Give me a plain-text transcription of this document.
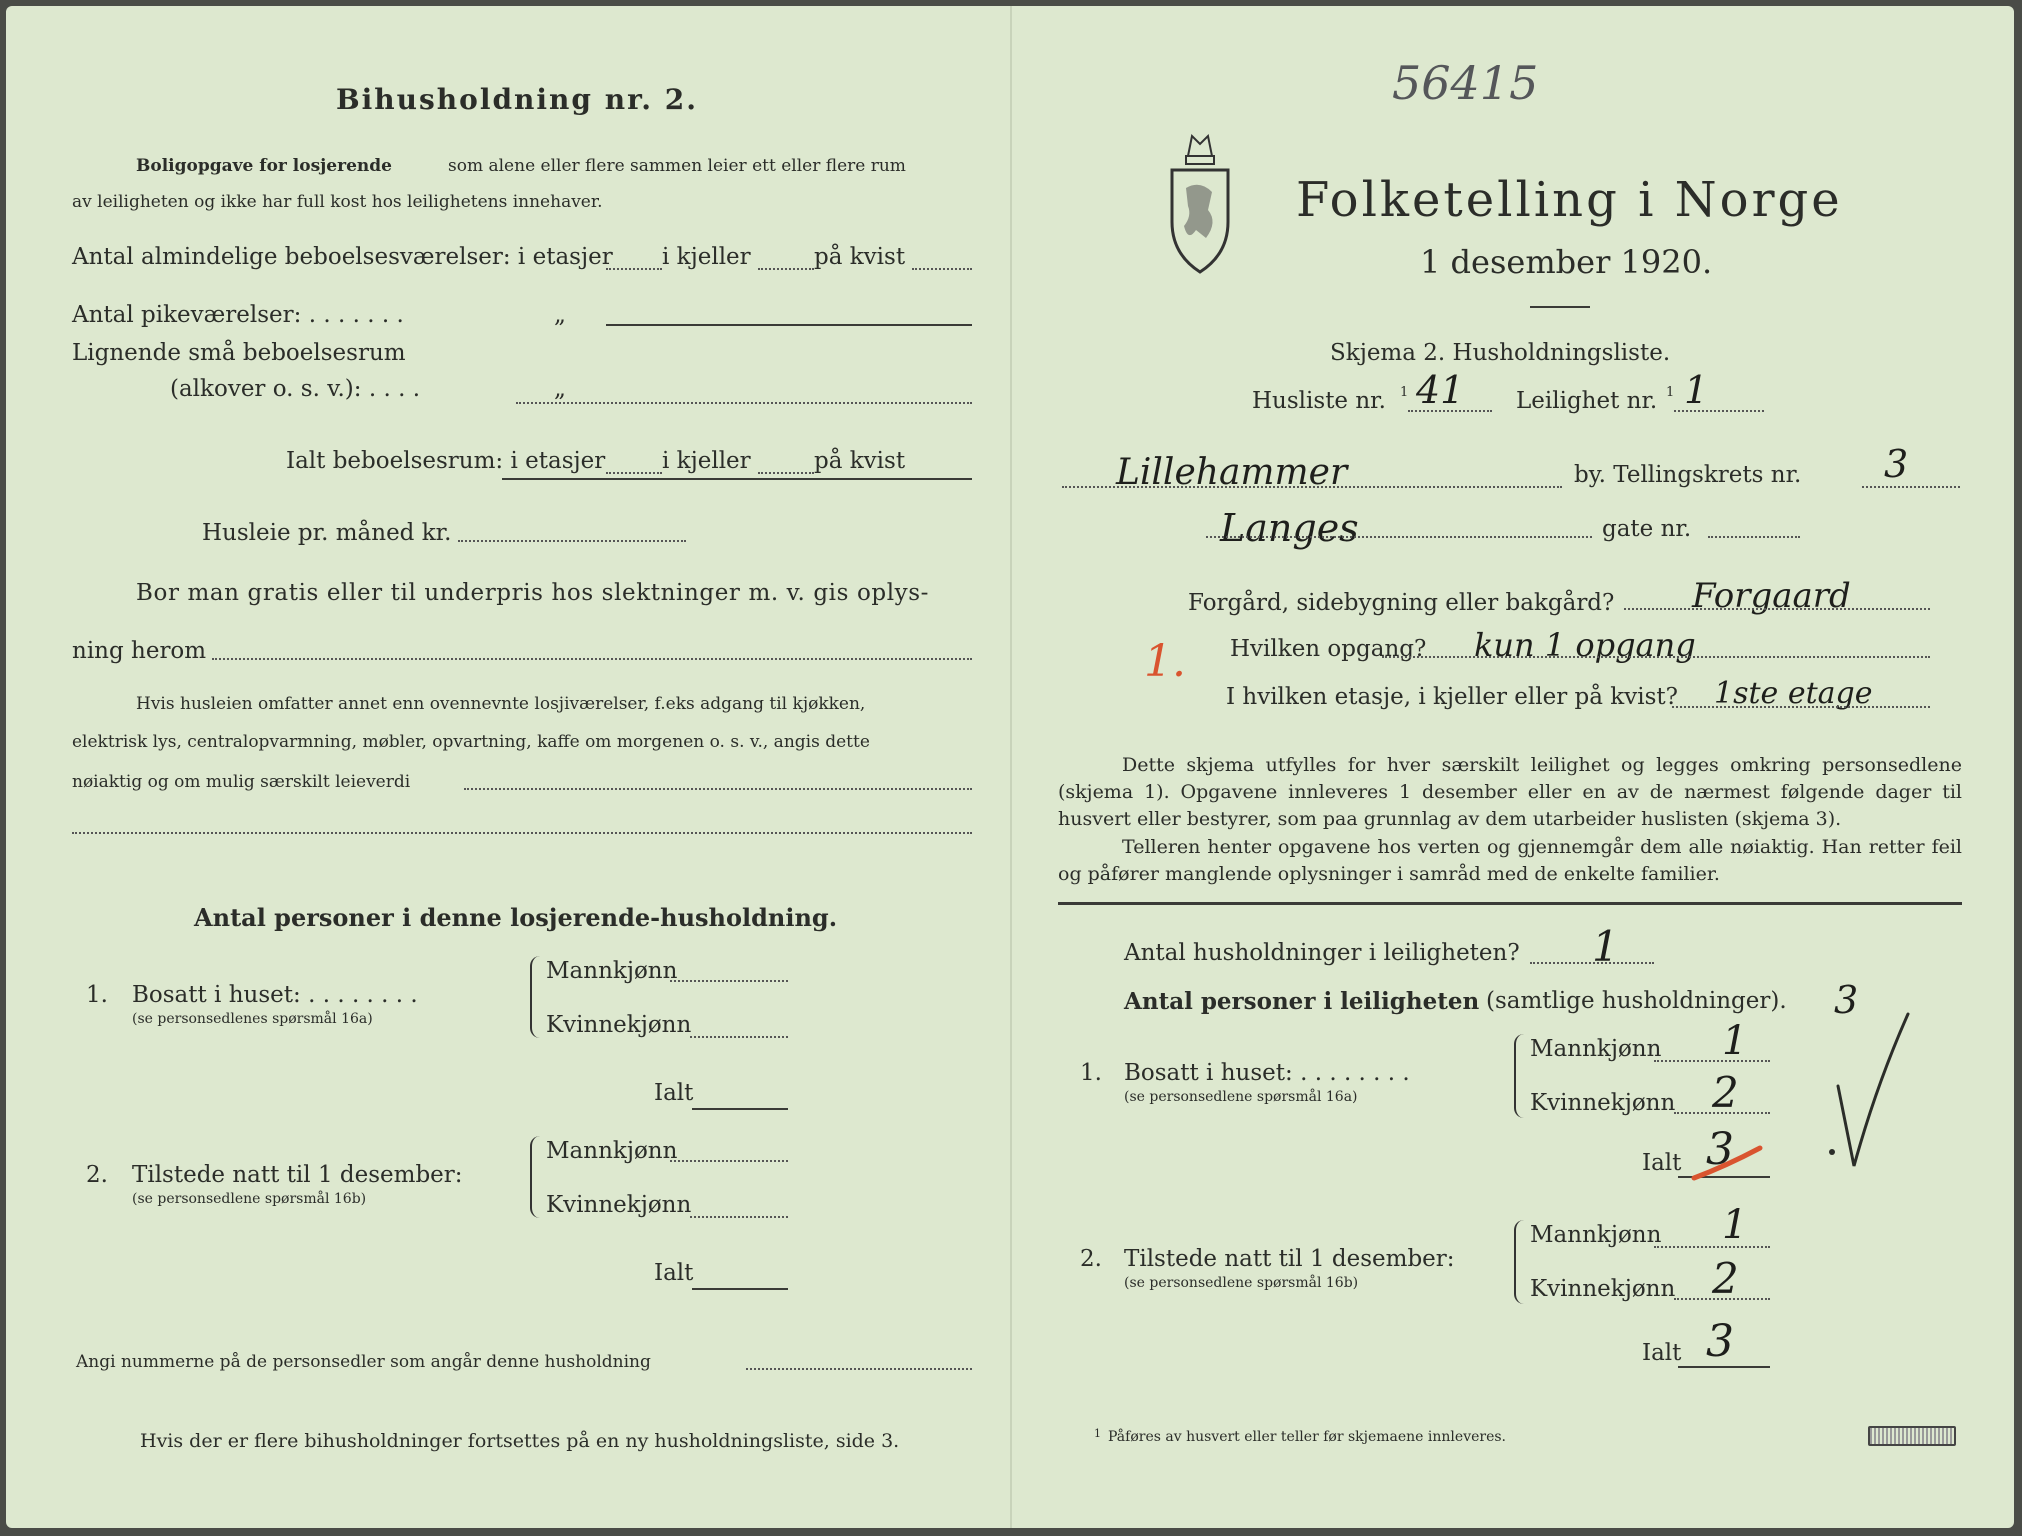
Bihusholdning nr. 2.
Boligopgave for losjerende	som alene eller flere sammen leier ett eller flere rum
av leiligheten og ikke har full kost hos leilighetens innehaver.
Antal almindelige beboelsesværelser: i etasjer i kjeller	på kvist
Antal pikeværelser: . . . . . . .	„
Lignende små beboelsesrum
(alkover o. s. v.): . . . .	„
Ialt beboelsesrum: i etasjer i kjeller	på kvist
Husleie pr. måned kr.
Bor man gratis eller til underpris hos slektninger m. v. gis oplys-
ning herom
Hvis husleien omfatter annet enn ovennevnte losjiværelser, f.eks adgang til kjøkken,
elektrisk lys, centralopvarmning, møbler, opvartning, kaffe om morgenen o. s. v., angis dette
nøiaktig og om mulig særskilt leieverdi
Antal personer i denne losjerende-husholdning.
1. Bosatt i huset: . . . . . . . .
(se personsedlenes spørsmål 16a)
Mannkjønn
Kvinnekjønn
Ialt
2. Tilstede natt til 1 desember:
(se personsedlene spørsmål 16b)
Mannkjønn
Kvinnekjønn
Ialt
Angi nummerne på de personsedler som angår denne husholdning
Hvis der er flere bihusholdninger fortsettes på en ny husholdningsliste, side 3.
56415
Folketelling i Norge
1 desember 1920.
Skjema 2. Husholdningsliste.
Husliste nr. 1 41 Leilighet nr. 1 1
Lillehammer	by. Tellingskrets nr. 3
Langes	gate nr.
Forgård, sidebygning eller bakgård? Forgaard
1. Hvilken opgang? kun 1 opgang
I hvilken etasje, i kjeller eller på kvist? 1ste etage
Dette skjema utfylles for hver særskilt leilighet og legges omkring personsedlene (skjema 1). Opgavene innleveres 1 desember eller en av de nærmest følgende dager til husvert eller bestyrer, som paa grunnlag av dem utarbeider huslisten (skjema 3).
Telleren henter opgavene hos verten og gjennemgår dem alle nøiaktig. Han retter feil og påfører manglende oplysninger i samråd med de enkelte familier.
Antal husholdninger i leiligheten? 1
Antal personer i leiligheten (samtlige husholdninger). 3
1. Bosatt i huset: . . . . . . . .
(se personsedlene spørsmål 16a)
Mannkjønn 1
Kvinnekjønn 2
Ialt 3
2. Tilstede natt til 1 desember:
(se personsedlene spørsmål 16b)
Mannkjønn 1
Kvinnekjønn 2
Ialt 3
1 Påføres av husvert eller teller før skjemaene innleveres.
